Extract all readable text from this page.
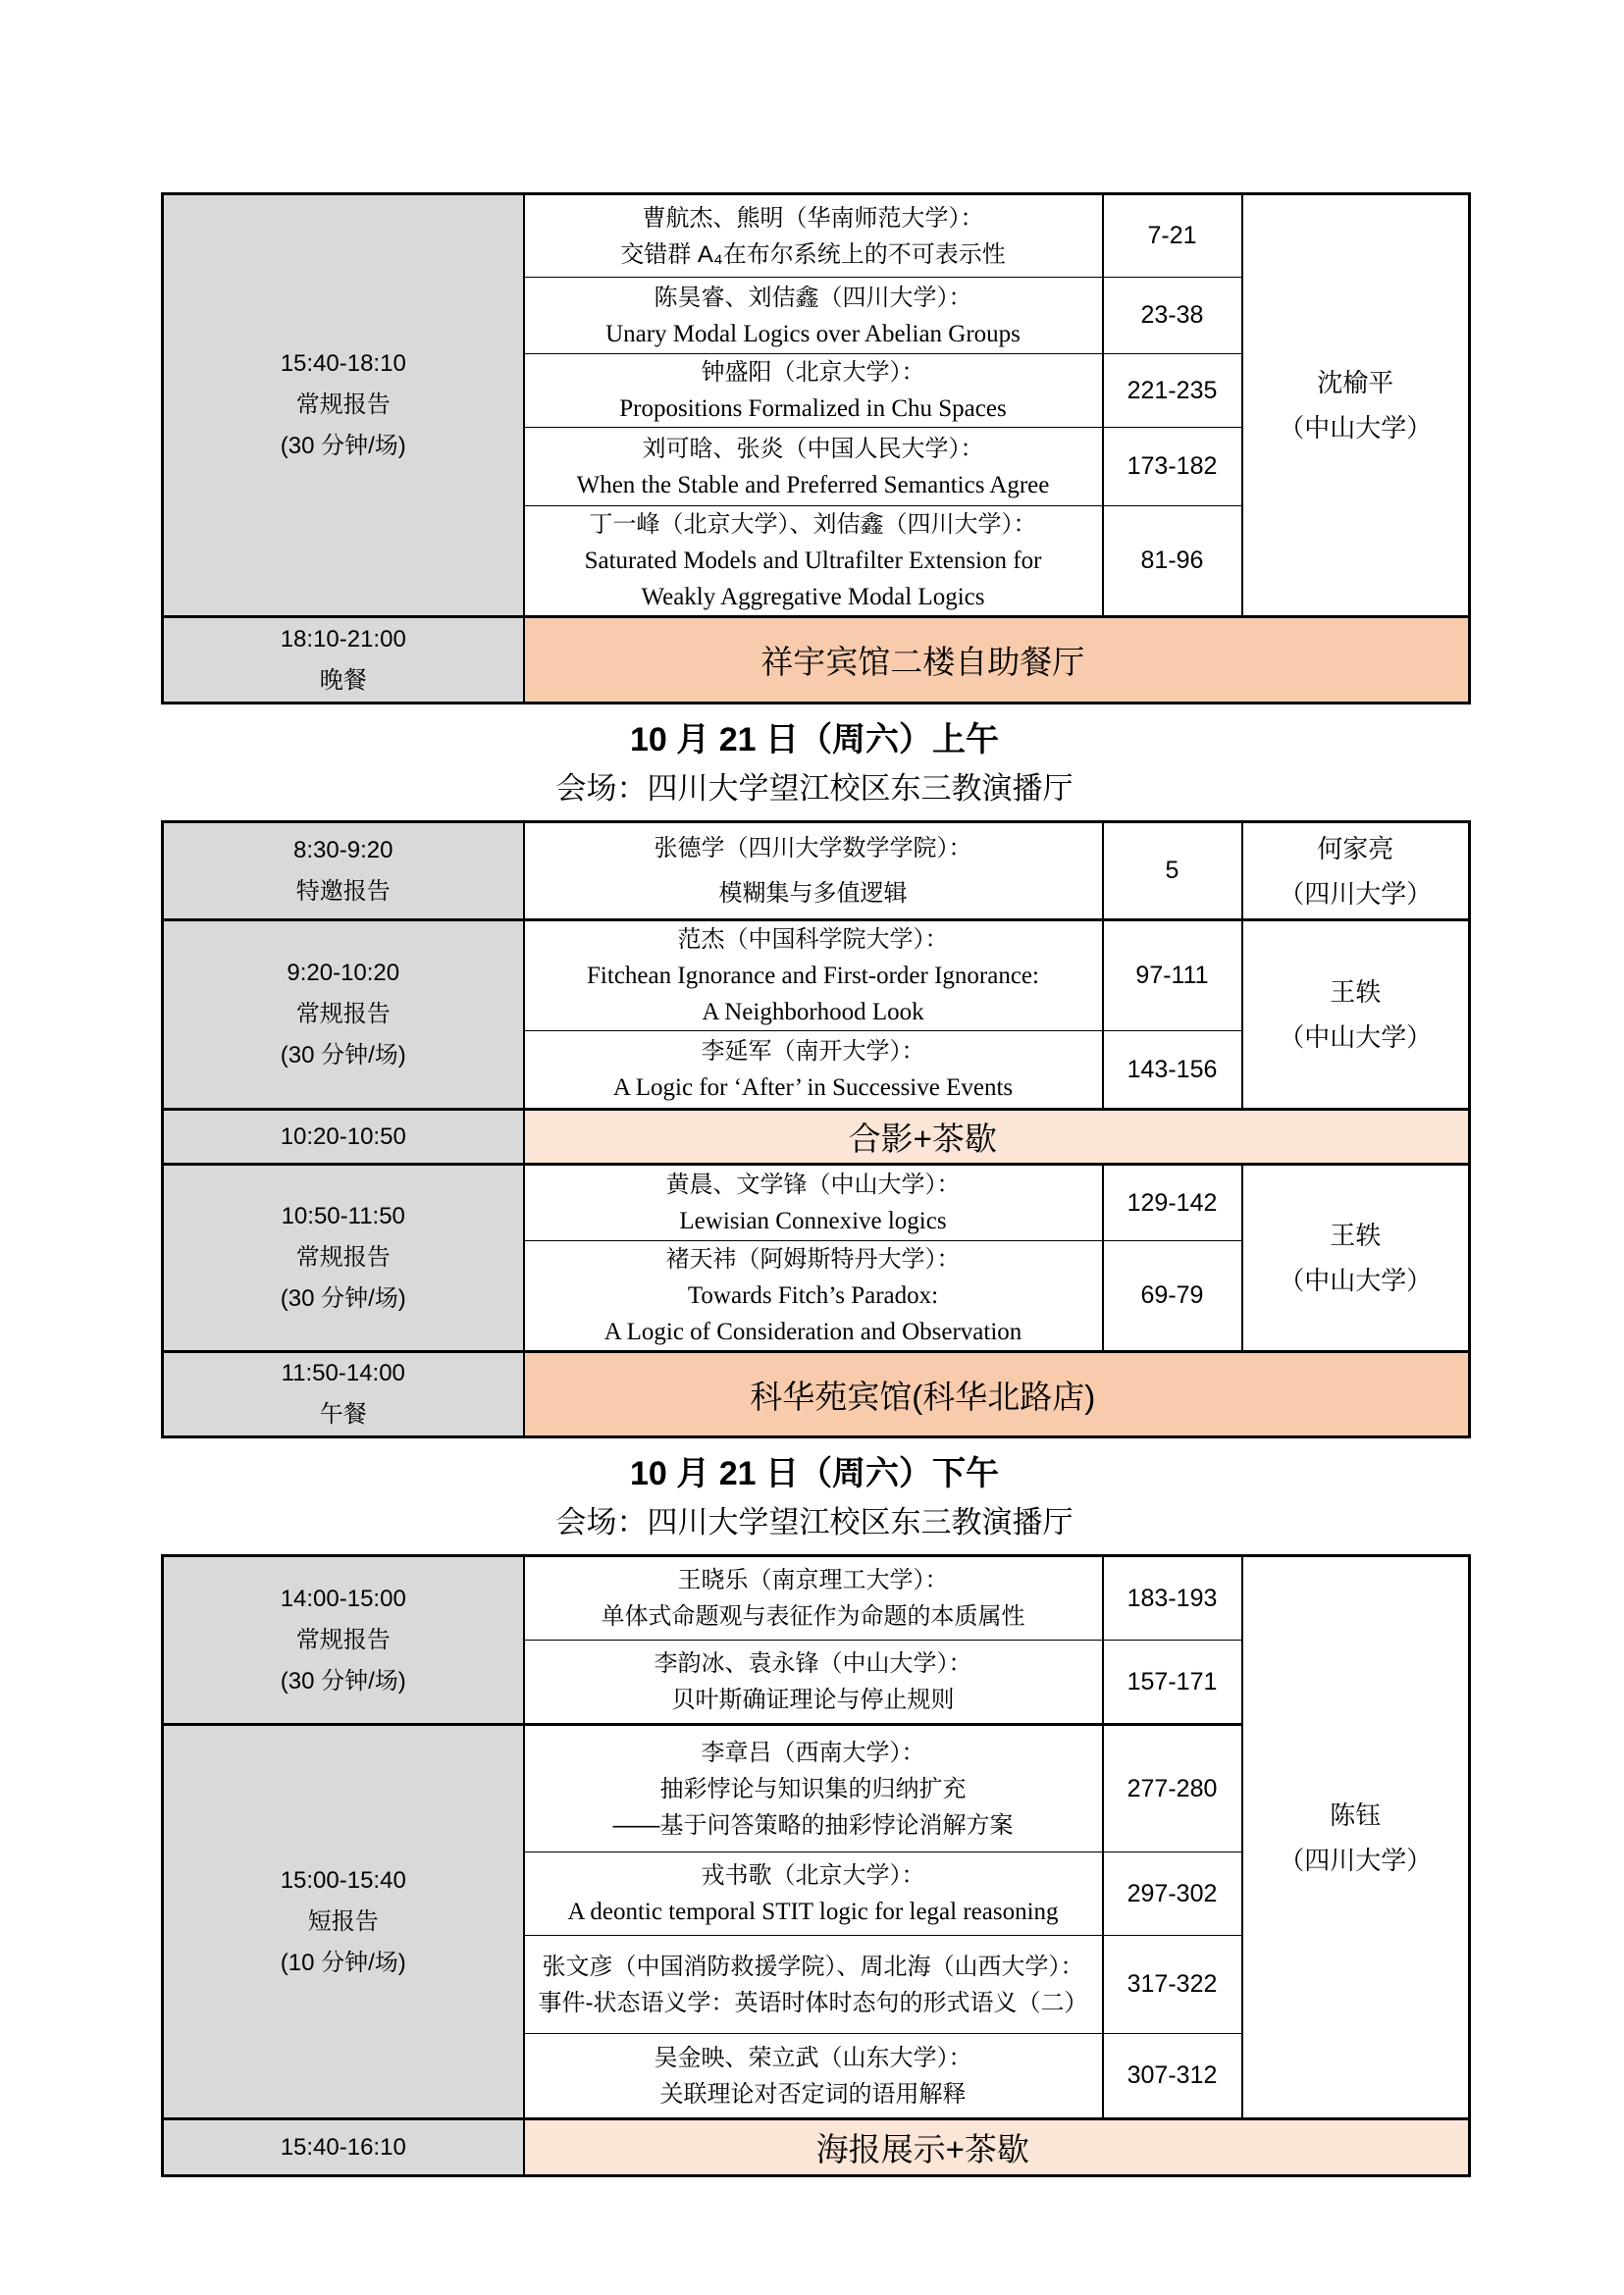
15:40-18:10
常规报告
(30 分钟/场)

曹航杰、熊明（华南师范大学）：
交错群 A₄在布尔系统上的不可表示性
	7-21	
沈榆平
（中山大学）

	陈昊睿、刘佶鑫（四川大学）：
Unary Modal Logics over Abelian Groups	23-38	

	钟盛阳（北京大学）：
Propositions Formalized in Chu Spaces	221-235	

	刘可晗、张炎（中国人民大学）：
When the Stable and Preferred Semantics Agree	173-182	

	丁一峰（北京大学）、刘佶鑫（四川大学）：
Saturated Models and Ultrafilter Extension for
Weakly Aggregative Modal Logics	81-96	

18:10-21:00
晚餐	祥宇宾馆二楼自助餐厅		
10 月 21 日（周六）上午
会场：四川大学望江校区东三教演播厅
8:30-9:20
特邀报告

张德学（四川大学数学学院）：
模糊集与多值逻辑
	5	
何家亮
（四川大学）

9:20-10:20
常规报告
(30 分钟/场)

范杰（中国科学院大学）：
Fitchean Ignorance and First-order Ignorance:
A Neighborhood Look
	97-111	
王轶
（中山大学）

	李延军（南开大学）：
A Logic for ‘After’ in Successive Events	143-156	

10:20-10:50	合影+茶歇		

10:50-11:50
常规报告
(30 分钟/场)

黄晨、文学锋（中山大学）：
Lewisian Connexive logics
	129-142	
王轶
（中山大学）

	褚天祎（阿姆斯特丹大学）：
Towards Fitch’s Paradox:
A Logic of Consideration and Observation	69-79	

11:50-14:00
午餐	科华苑宾馆(科华北路店)		
10 月 21 日（周六）下午
会场：四川大学望江校区东三教演播厅
14:00-15:00
常规报告
(30 分钟/场)

王晓乐（南京理工大学）：
单体式命题观与表征作为命题的本质属性
	183-193	
陈钰
（四川大学）

	李韵冰、袁永锋（中山大学）：
贝叶斯确证理论与停止规则	157-171	

15:00-15:40
短报告
(10 分钟/场)

李章吕（西南大学）：
抽彩悖论与知识集的归纳扩充
——基于问答策略的抽彩悖论消解方案
	277-280

	戎书歌（北京大学）：
A deontic temporal STIT logic for legal reasoning	297-302	

	张文彦（中国消防救援学院）、周北海（山西大学）：
事件-状态语义学：英语时体时态句的形式语义（二）	317-322	

	吴金映、荣立武（山东大学）：
关联理论对否定词的语用解释	307-312	

15:40-16:10	海报展示+茶歇		
